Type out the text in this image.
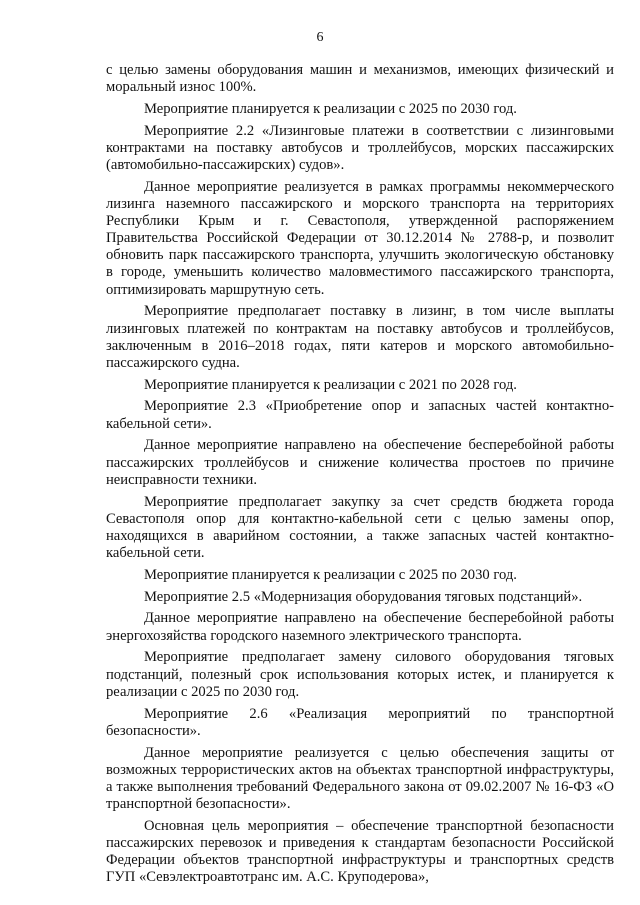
6

с целью замены оборудования машин и механизмов, имеющих физический и моральный износ 100%.

Мероприятие планируется к реализации с 2025 по 2030 год.

Мероприятие 2.2 «Лизинговые платежи в соответствии с лизинговыми контрактами на поставку автобусов и троллейбусов, морских пассажирских (автомобильно-пассажирских) судов».

Данное мероприятие реализуется в рамках программы некоммерческого лизинга наземного пассажирского и морского транспорта на территориях Республики Крым и г. Севастополя, утвержденной распоряжением Правительства Российской Федерации от 30.12.2014 № 2788-р, и позволит обновить парк пассажирского транспорта, улучшить экологическую обстановку в городе, уменьшить количество маловместимого пассажирского транспорта, оптимизировать маршрутную сеть.

Мероприятие предполагает поставку в лизинг, в том числе выплаты лизинговых платежей по контрактам на поставку автобусов и троллейбусов, заключенным в 2016–2018 годах, пяти катеров и морского автомобильно-пассажирского судна.

Мероприятие планируется к реализации с 2021 по 2028 год.

Мероприятие 2.3 «Приобретение опор и запасных частей контактно-кабельной сети».

Данное мероприятие направлено на обеспечение бесперебойной работы пассажирских троллейбусов и снижение количества простоев по причине неисправности техники.

Мероприятие предполагает закупку за счет средств бюджета города Севастополя опор для контактно-кабельной сети с целью замены опор, находящихся в аварийном состоянии, а также запасных частей контактно-кабельной сети.

Мероприятие планируется к реализации с 2025 по 2030 год.

Мероприятие 2.5 «Модернизация оборудования тяговых подстанций».

Данное мероприятие направлено на обеспечение бесперебойной работы энергохозяйства городского наземного электрического транспорта.

Мероприятие предполагает замену силового оборудования тяговых подстанций, полезный срок использования которых истек, и планируется к реализации с 2025 по 2030 год.

Мероприятие 2.6 «Реализация мероприятий по транспортной безопасности».

Данное мероприятие реализуется с целью обеспечения защиты от возможных террористических актов на объектах транспортной инфраструктуры, а также выполнения требований Федерального закона от 09.02.2007 № 16-ФЗ «О транспортной безопасности».

Основная цель мероприятия – обеспечение транспортной безопасности пассажирских перевозок и приведения к стандартам безопасности Российской Федерации объектов транспортной инфраструктуры и транспортных средств ГУП «Севэлектроавтотранс им. А.С. Круподерова»,
